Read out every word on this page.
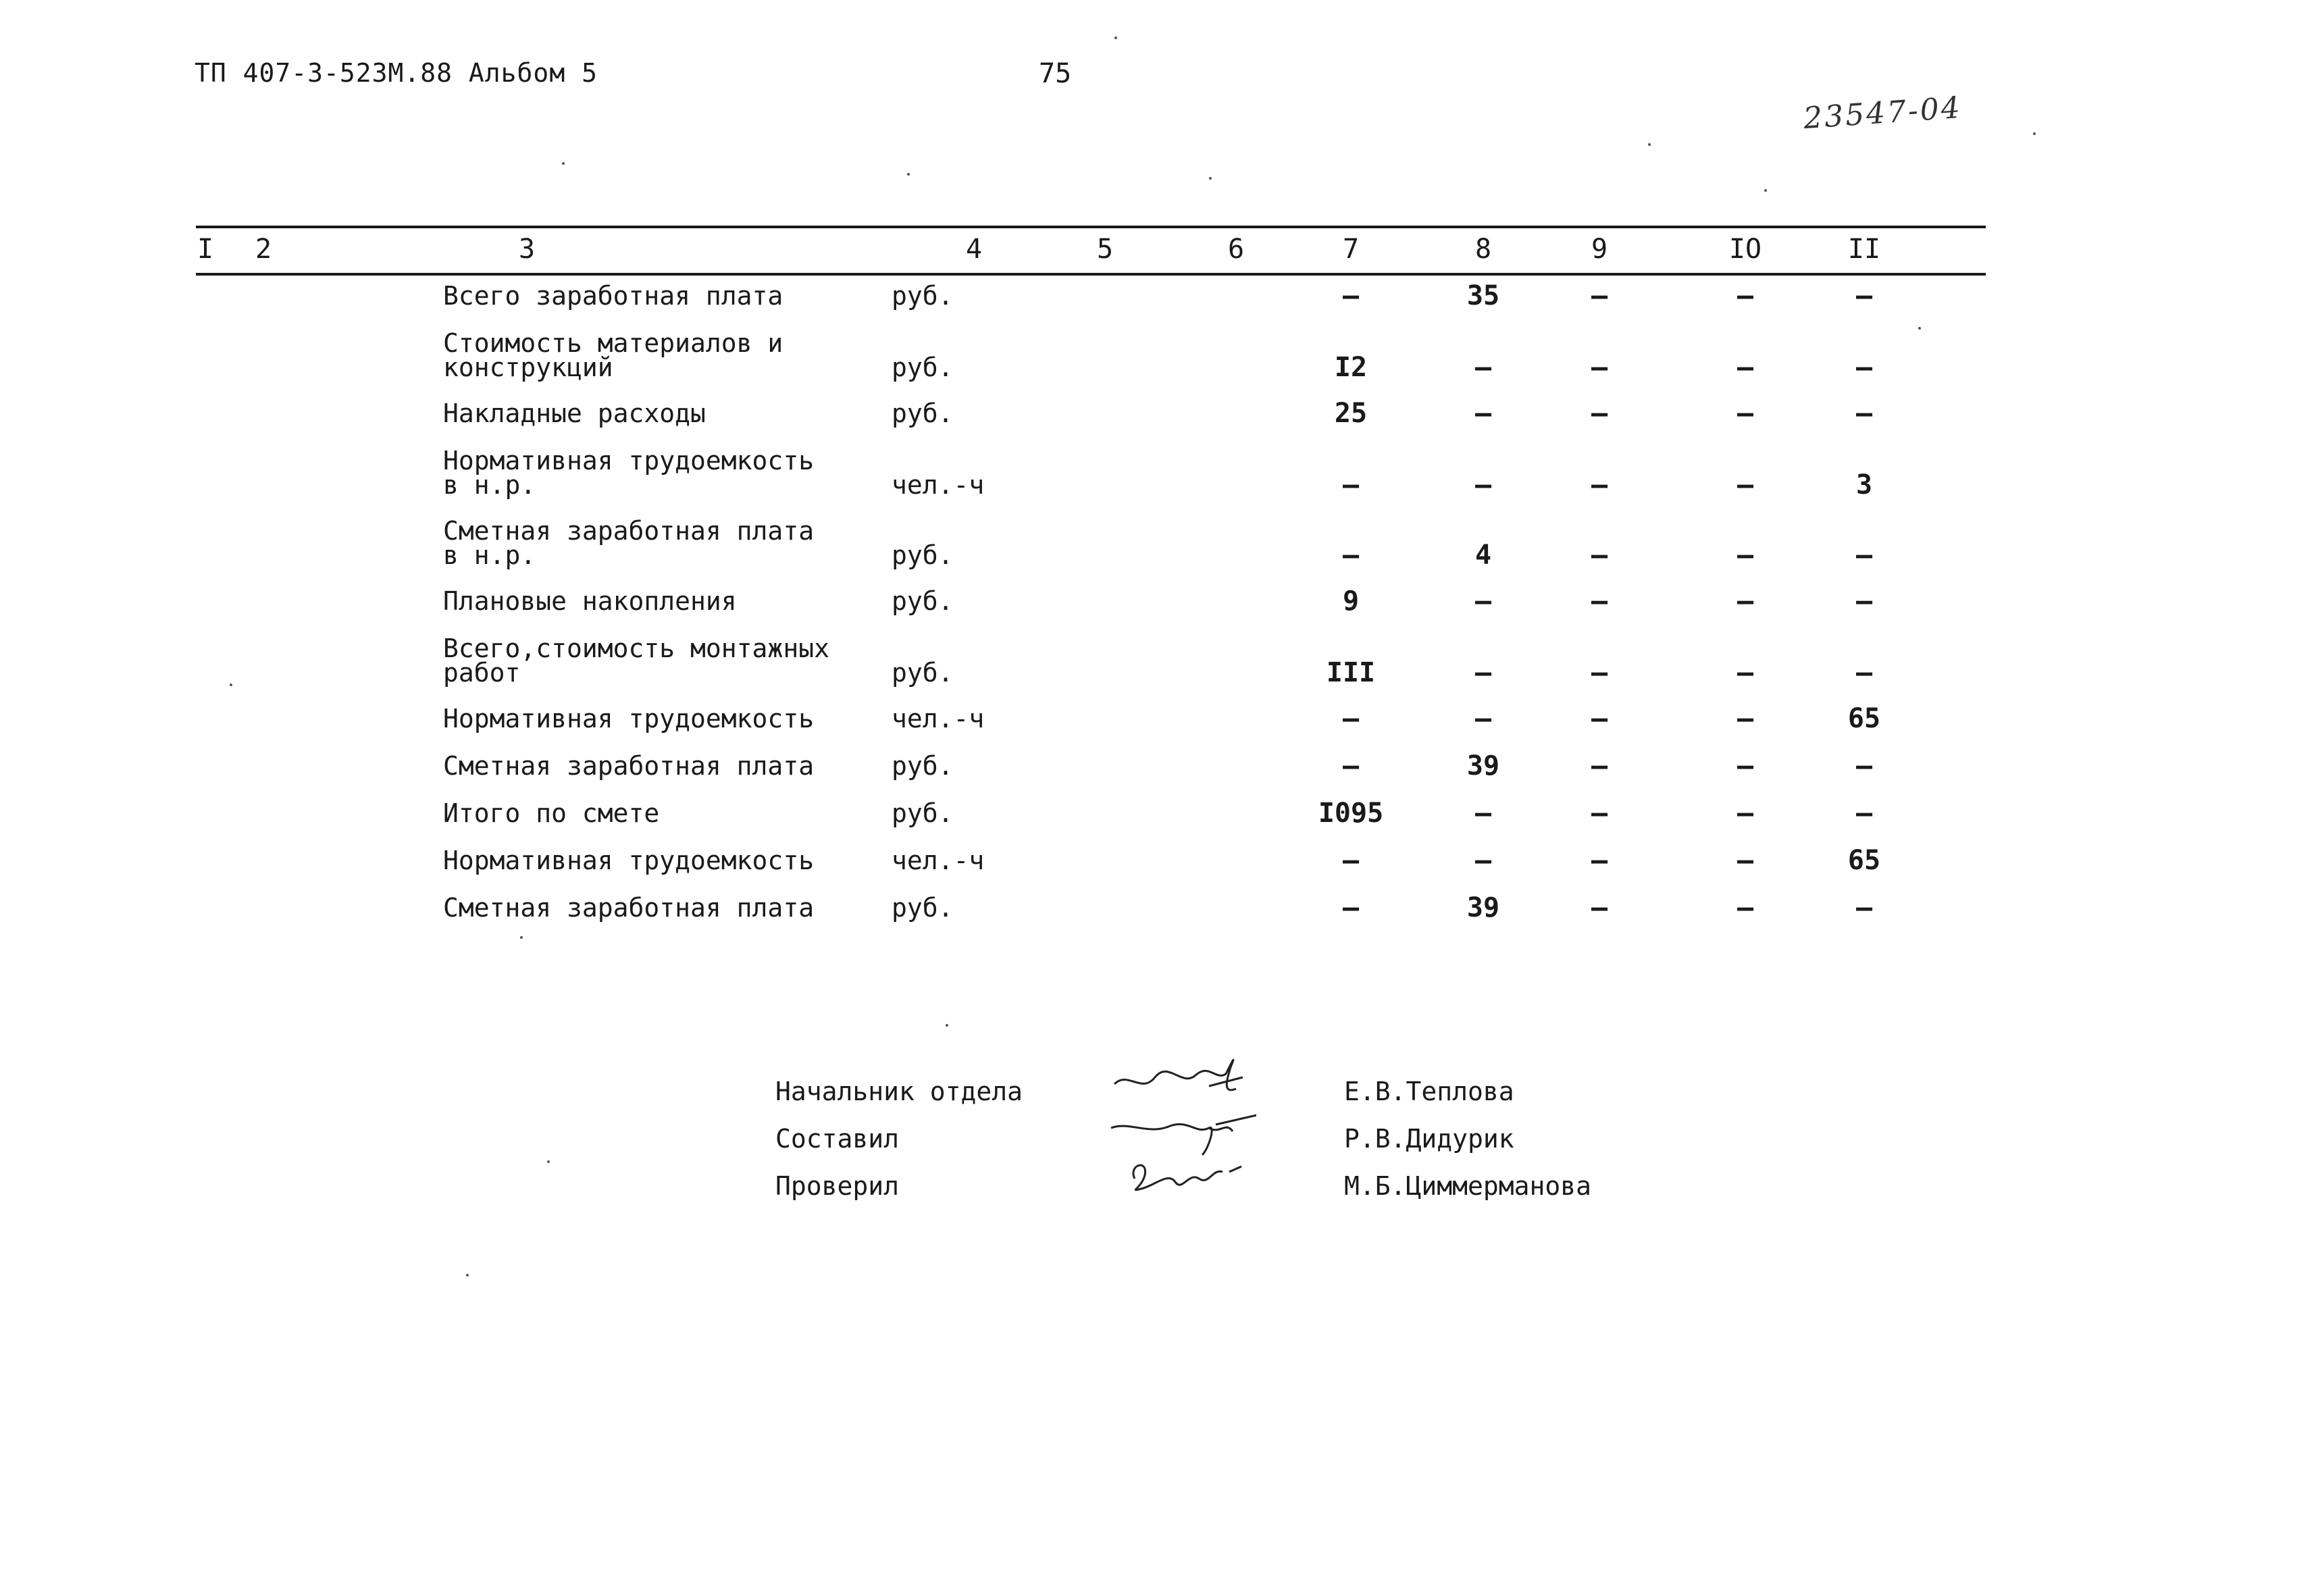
ТП 407-3-523М.88 Альбом 5	75
23547-04
I	2	3	4	5	6	7	8	9	IO	II
Всего заработная плата	руб.	–	35	–	–	–
Стоимость материалов и
конструкций	руб.	I2	–	–	–	–
Накладные расходы	руб.	25	–	–	–	–
Нормативная трудоемкость
в н.р.	чел.-ч	–	–	–	–	3
Сметная заработная плата
в н.р.	руб.	–	4	–	–	–
Плановые накопления	руб.	9	–	–	–	–
Всего,стоимость монтажных
работ	руб.	III	–	–	–	–
Нормативная трудоемкость	чел.-ч	–	–	–	–	65
Сметная заработная плата	руб.	–	39	–	–	–
Итого по смете	руб.	I095	–	–	–	–
Нормативная трудоемкость	чел.-ч	–	–	–	–	65
Сметная заработная плата	руб.	–	39	–	–	–
Начальник отдела	Е.В.Теплова
Составил	Р.В.Дидурик
Проверил	М.Б.Циммерманова
